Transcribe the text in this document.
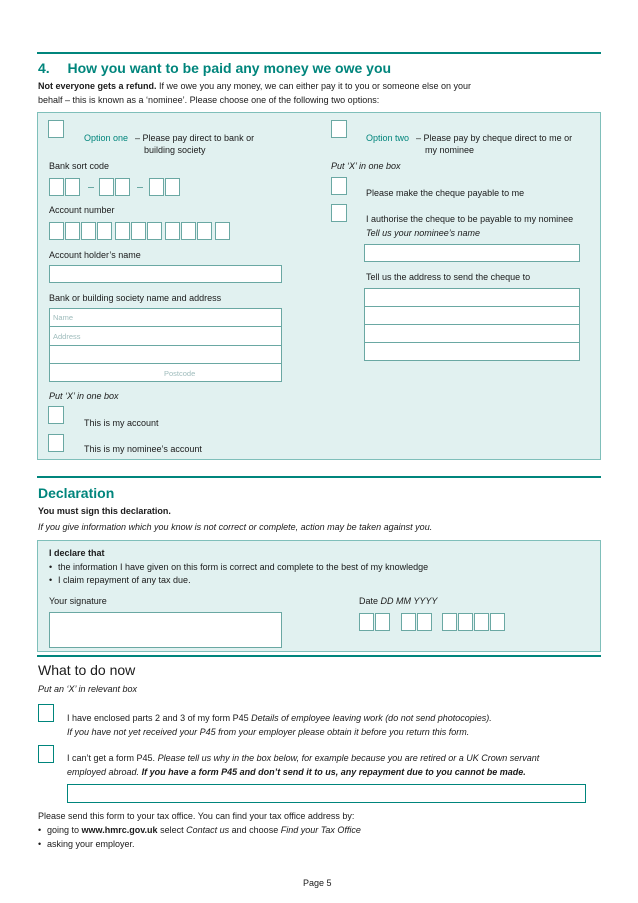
4. How you want to be paid any money we owe you
Not everyone gets a refund. If we owe you any money, we can either pay it to you or someone else on your
behalf – this is known as a ‘nominee’. Please choose one of the following two options:
Option one – Please pay direct to bank or
building society
Bank sort code
Account number
Account holder’s name
Bank or building society name and address
Name
Address
Postcode
Put ‘X’ in one box
This is my account
This is my nominee’s account
Option two – Please pay by cheque direct to me or
my nominee
Put ‘X’ in one box
Please make the cheque payable to me
I authorise the cheque to be payable to my nominee
Tell us your nominee’s name
Tell us the address to send the cheque to
Declaration
You must sign this declaration.
If you give information which you know is not correct or complete, action may be taken against you.
I declare that
• the information I have given on this form is correct and complete to the best of my knowledge
• I claim repayment of any tax due.
Your signature	Date DD MM YYYY
What to do now
Put an ‘X’ in relevant box
I have enclosed parts 2 and 3 of my form P45 Details of employee leaving work (do not send photocopies).
If you have not yet received your P45 from your employer please obtain it before you return this form.
I can’t get a form P45. Please tell us why in the box below, for example because you are retired or a UK Crown servant
employed abroad. If you have a form P45 and don’t send it to us, any repayment due to you cannot be made.
Please send this form to your tax office. You can find your tax office address by:
• going to www.hmrc.gov.uk select Contact us and choose Find your Tax Office
• asking your employer.
Page 5
